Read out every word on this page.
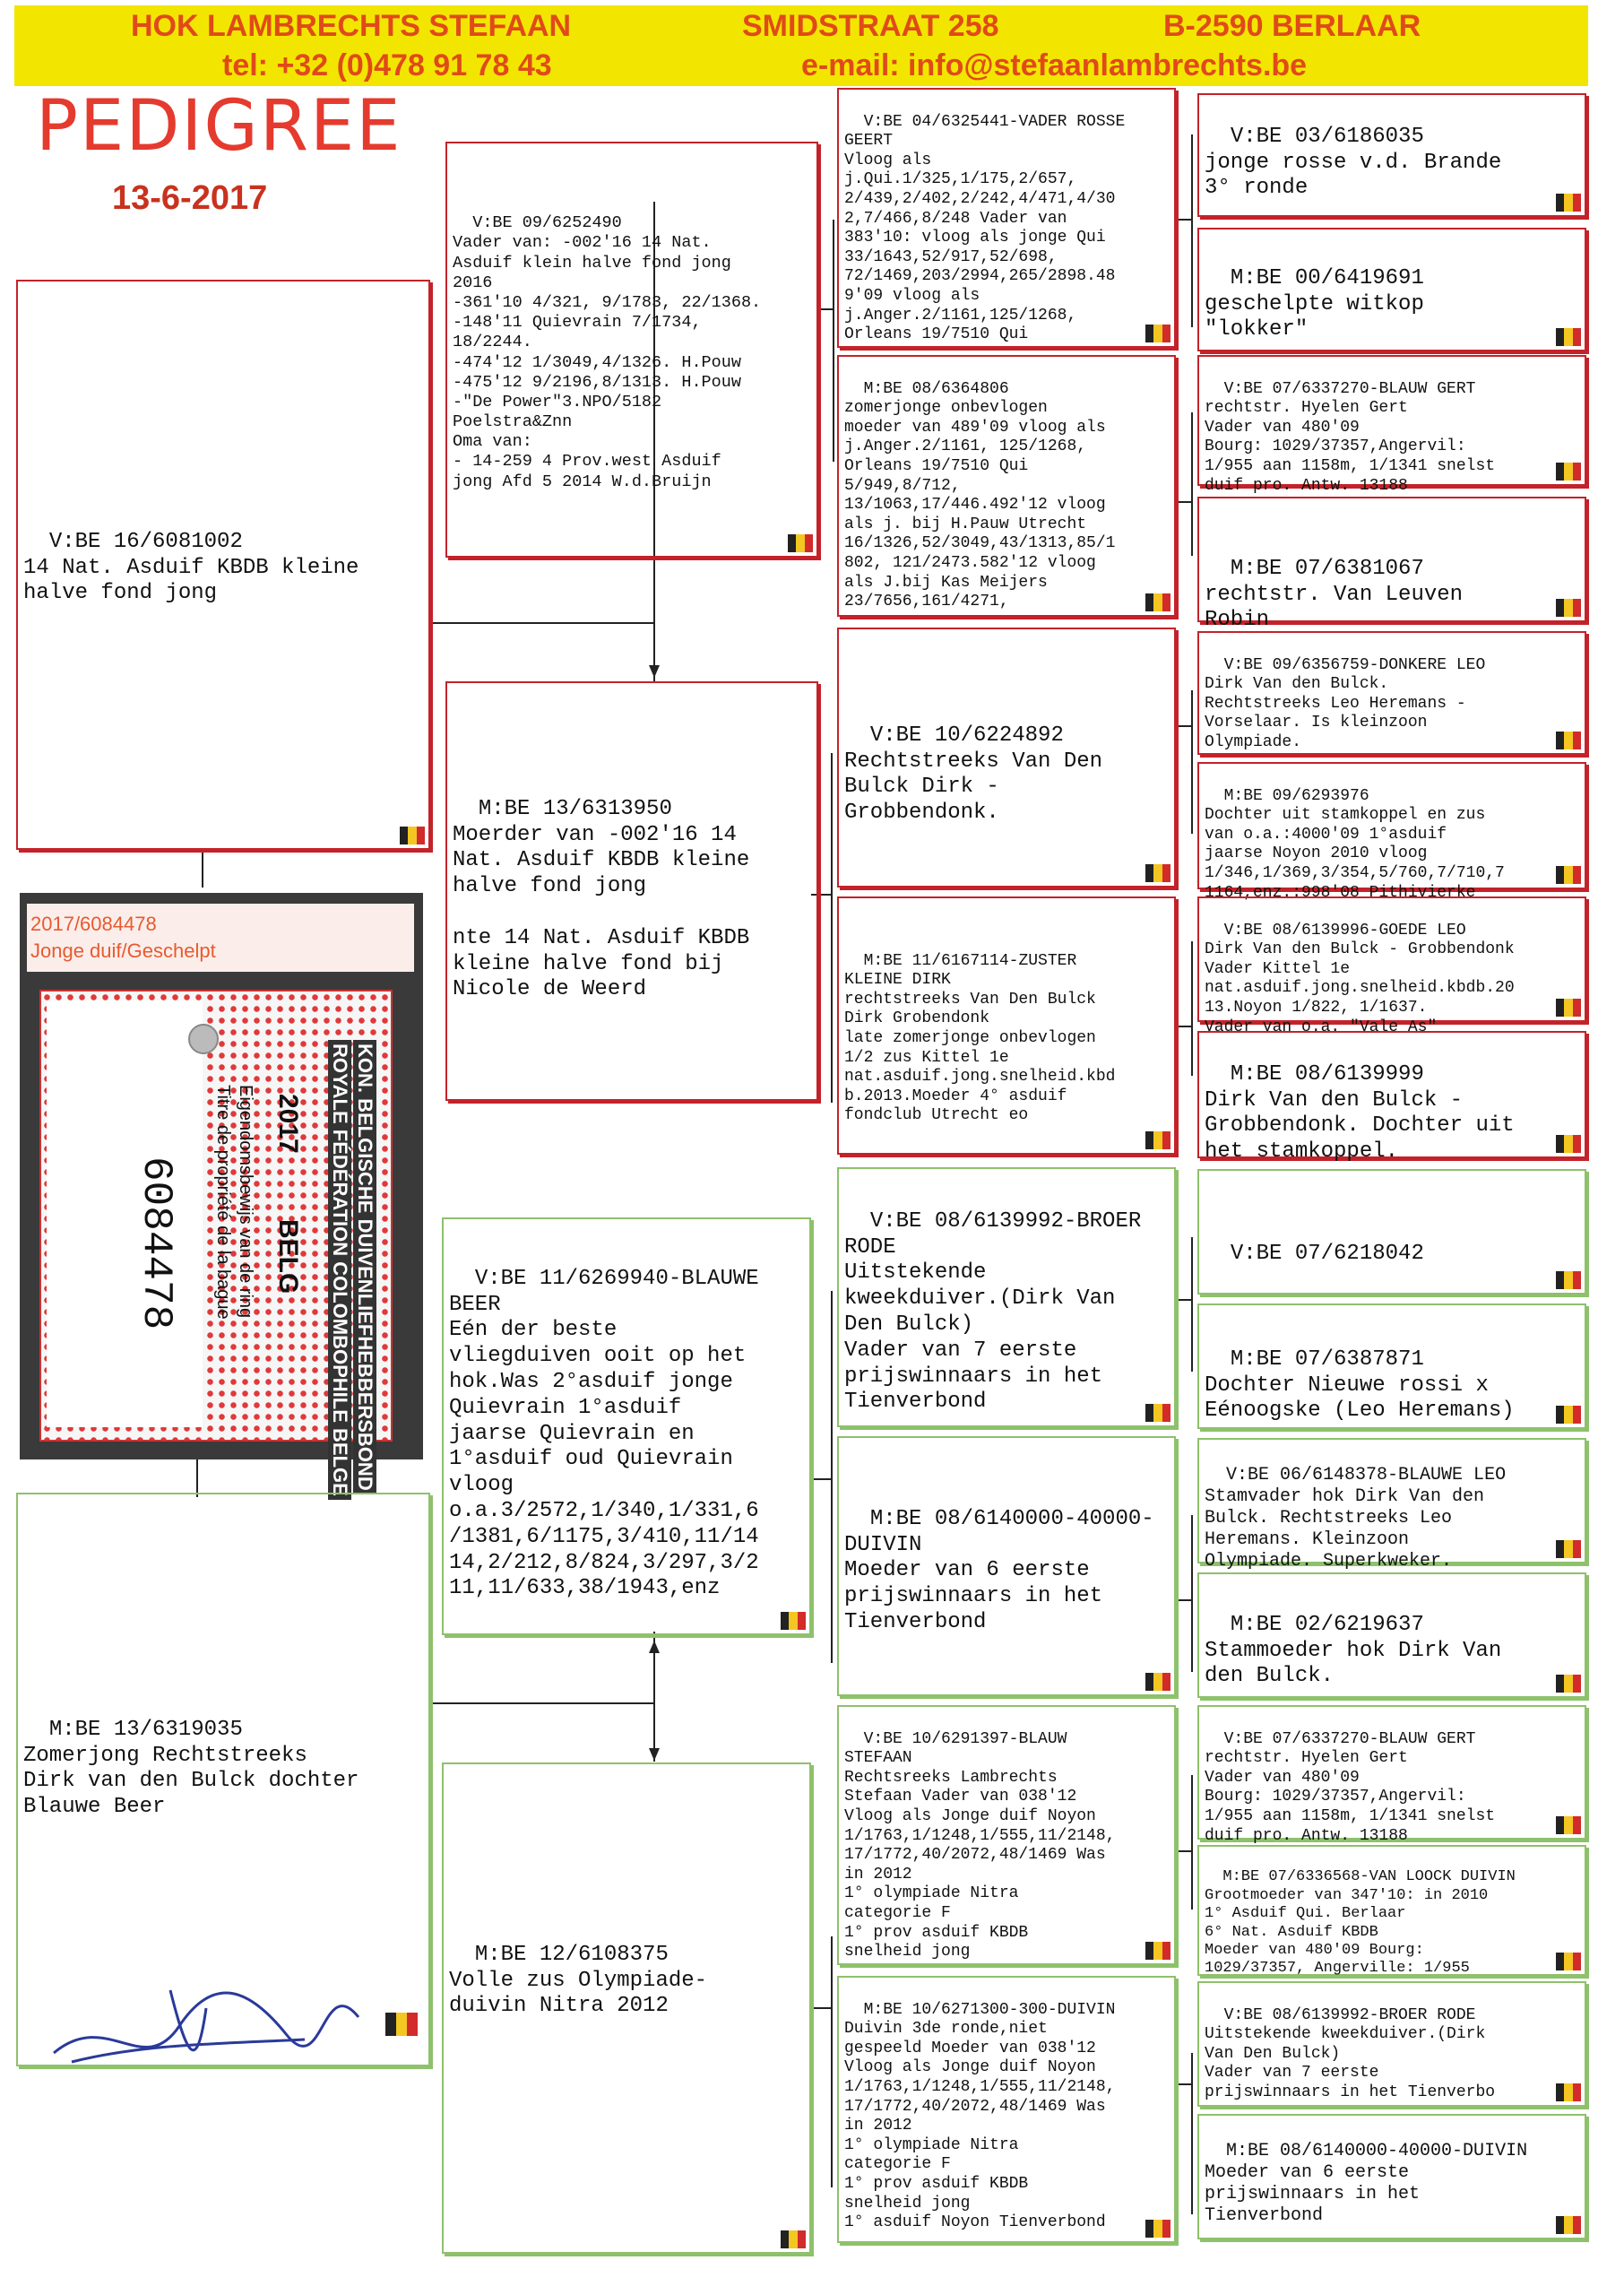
HOK LAMBRECHTS STEFAAN	SMIDSTRAAT 258	B-2590 BERLAAR
tel: +32 (0)478 91 78 43	e-mail: info@stefaanlambrechts.be
PEDIGREE
13-6-2017

V:BE 16/6081002
14 Nat. Asduif KBDB kleine
halve fond jong

2017/6084478
Jonge duif/Geschelpt
6084478	Eigendomsbewijs van de ring
Titre de propriété de la bague 2017
BELG	KON. BELGISCHE DUIVENLIEFHEBBERSBOND
ROYALE FÉDÉRATION COLOMBOPHILE BELGE

M:BE 13/6319035
Zomerjong Rechtstreeks
Dirk van den Bulck dochter
Blauwe Beer

V:BE 09/6252490
Vader van: -002'16 14 Nat.
Asduif klein halve fond jong
2016
-361'10 4/321, 9/1783, 22/1368.
-148'11 Quievrain 7/1734,
18/2244.
-474'12 1/3049,4/1326. H.Pouw
-475'12 9/2196,8/1313. H.Pouw
-"De Power"3.NPO/5182
Poelstra&Znn
Oma van:
- 14-259 4 Prov.west Asduif
jong Afd 5 2014 W.d.Bruijn

M:BE 13/6313950
Moerder van -002'16 14
Nat. Asduif KBDB kleine
halve fond jong

nte 14 Nat. Asduif KBDB
kleine halve fond bij
Nicole de Weerd

V:BE 11/6269940-BLAUWE
BEER
Eén der beste
vliegduiven ooit op het
hok.Was 2°asduif jonge
Quievrain 1°asduif
jaarse Quievrain en
1°asduif oud Quievrain
vloog
o.a.3/2572,1/340,1/331,6
/1381,6/1175,3/410,11/14
14,2/212,8/824,3/297,3/2
11,11/633,38/1943,enz

M:BE 12/6108375
Volle zus Olympiade-
duivin Nitra 2012

V:BE 04/6325441-VADER ROSSE
GEERT
Vloog als
j.Qui.1/325,1/175,2/657,
2/439,2/402,2/242,4/471,4/30
2,7/466,8/248 Vader van
383'10: vloog als jonge Qui
33/1643,52/917,52/698,
72/1469,203/2994,265/2898.48
9'09 vloog als
j.Anger.2/1161,125/1268,
Orleans 19/7510 Qui

M:BE 08/6364806
zomerjonge onbevlogen
moeder van 489'09 vloog als
j.Anger.2/1161, 125/1268,
Orleans 19/7510 Qui
5/949,8/712,
13/1063,17/446.492'12 vloog
als j. bij H.Pauw Utrecht
16/1326,52/3049,43/1313,85/1
802, 121/2473.582'12 vloog
als J.bij Kas Meijers
23/7656,161/4271,

V:BE 10/6224892
Rechtstreeks Van Den
Bulck Dirk -
Grobbendonk.

M:BE 11/6167114-ZUSTER
KLEINE DIRK
rechtstreeks Van Den Bulck
Dirk Grobendonk
late zomerjonge onbevlogen
1/2 zus Kittel 1e
nat.asduif.jong.snelheid.kbd
b.2013.Moeder 4° asduif
fondclub Utrecht eo

V:BE 08/6139992-BROER
RODE
Uitstekende
kweekduiver.(Dirk Van
Den Bulck)
Vader van 7 eerste
prijswinnaars in het
Tienverbond

M:BE 08/6140000-40000-
DUIVIN
Moeder van 6 eerste
prijswinnaars in het
Tienverbond

V:BE 10/6291397-BLAUW
STEFAAN
Rechtsreeks Lambrechts
Stefaan Vader van 038'12
Vloog als Jonge duif Noyon
1/1763,1/1248,1/555,11/2148,
17/1772,40/2072,48/1469 Was
in 2012
1° olympiade Nitra
categorie F
1° prov asduif KBDB
snelheid jong

M:BE 10/6271300-300-DUIVIN
Duivin 3de ronde,niet
gespeeld Moeder van 038'12
Vloog als Jonge duif Noyon
1/1763,1/1248,1/555,11/2148,
17/1772,40/2072,48/1469 Was
in 2012
1° olympiade Nitra
categorie F
1° prov asduif KBDB
snelheid jong
1° asduif Noyon Tienverbond

V:BE 03/6186035
jonge rosse v.d. Brande
3° ronde

M:BE 00/6419691
geschelpte witkop
"lokker"

V:BE 07/6337270-BLAUW GERT
rechtstr. Hyelen Gert
Vader van 480'09
Bourg: 1029/37357,Angervil:
1/955 aan 1158m, 1/1341 snelst
duif pro. Antw. 13188

M:BE 07/6381067
rechtstr. Van Leuven
Robin

V:BE 09/6356759-DONKERE LEO
Dirk Van den Bulck.
Rechtstreeks Leo Heremans -
Vorselaar. Is kleinzoon
Olympiade.

M:BE 09/6293976
Dochter uit stamkoppel en zus
van o.a.:4000'09 1°asduif
jaarse Noyon 2010 vloog
1/346,1/369,3/354,5/760,7/710,7
1164,enz.:998'08 Pithivierke

V:BE 08/6139996-GOEDE LEO
Dirk Van den Bulck - Grobbendonk
Vader Kittel 1e
nat.asduif.jong.snelheid.kbdb.20
13.Noyon 1/822, 1/1637.
Vader van o.a. "Vale As"

M:BE 08/6139999
Dirk Van den Bulck -
Grobbendonk. Dochter uit
het stamkoppel.

V:BE 07/6218042

M:BE 07/6387871
Dochter Nieuwe rossi x
Eénoogske (Leo Heremans)

V:BE 06/6148378-BLAUWE LEO
Stamvader hok Dirk Van den
Bulck. Rechtstreeks Leo
Heremans. Kleinzoon
Olympiade. Superkweker.

M:BE 02/6219637
Stammoeder hok Dirk Van
den Bulck.

V:BE 07/6337270-BLAUW GERT
rechtstr. Hyelen Gert
Vader van 480'09
Bourg: 1029/37357,Angervil:
1/955 aan 1158m, 1/1341 snelst
duif pro. Antw. 13188

M:BE 07/6336568-VAN LOOCK DUIVIN
Grootmoeder van 347'10: in 2010
1° Asduif Qui. Berlaar
6° Nat. Asduif KBDB
Moeder van 480'09 Bourg:
1029/37357, Angerville: 1/955

V:BE 08/6139992-BROER RODE
Uitstekende kweekduiver.(Dirk
Van Den Bulck)
Vader van 7 eerste
prijswinnaars in het Tienverbo

M:BE 08/6140000-40000-DUIVIN
Moeder van 6 eerste
prijswinnaars in het
Tienverbond
